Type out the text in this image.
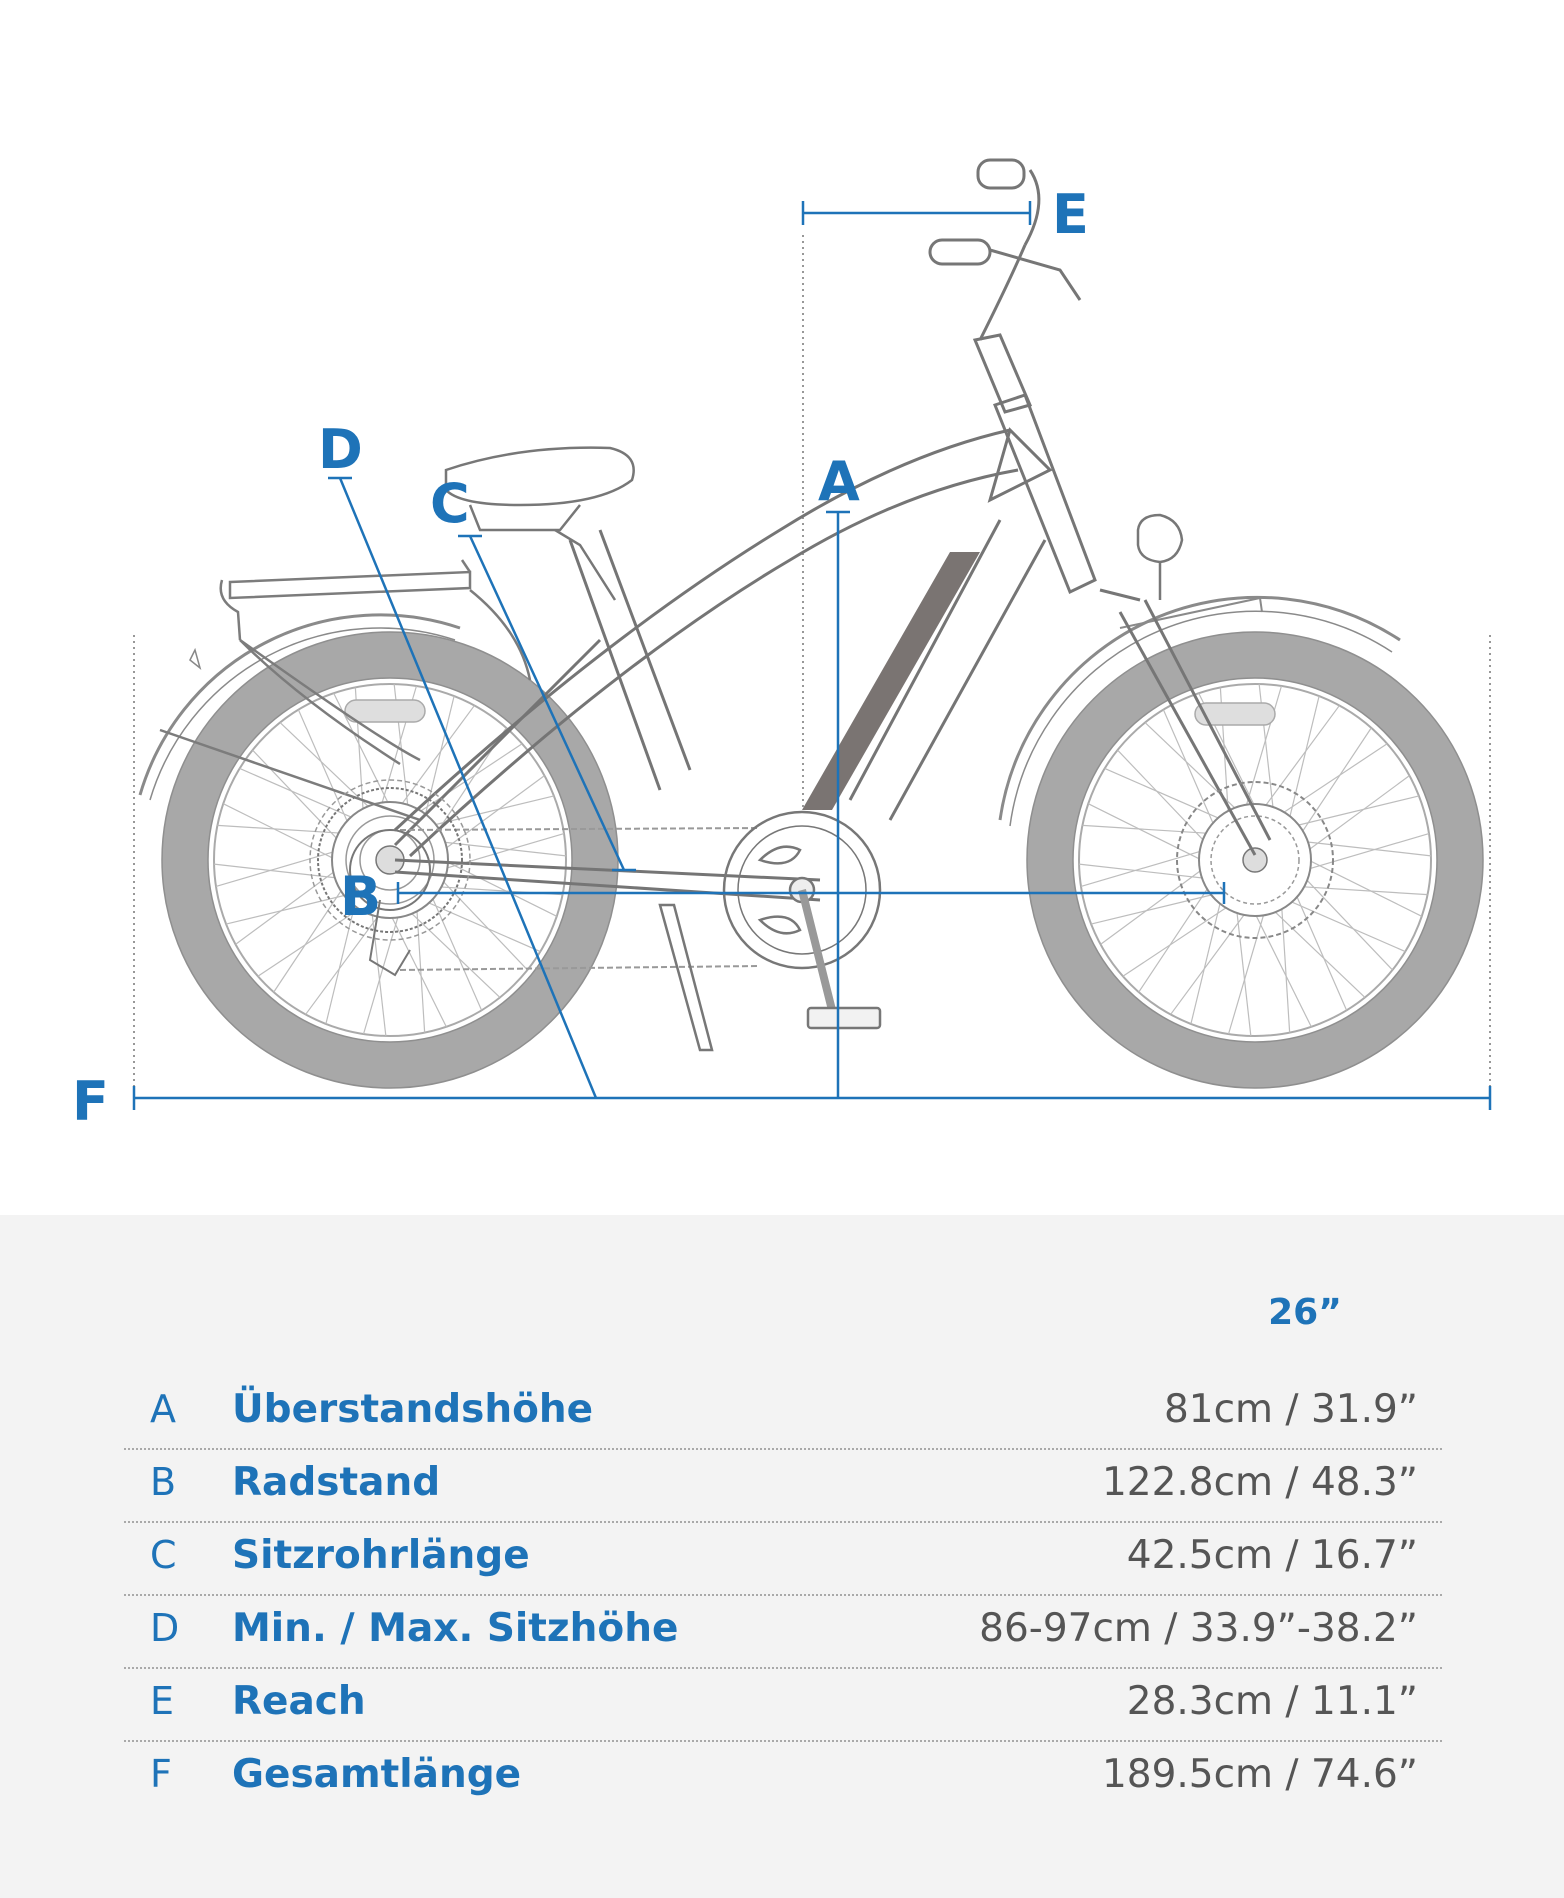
A
B
C
D
E
F
26”
A Überstandshöhe	81cm / 31.9”
B Radstand	122.8cm / 48.3”
C Sitzrohrlänge	42.5cm / 16.7”
D Min. / Max. Sitzhöhe	86-97cm / 33.9”-38.2”
E Reach	28.3cm / 11.1”
F Gesamtlänge	189.5cm / 74.6”
